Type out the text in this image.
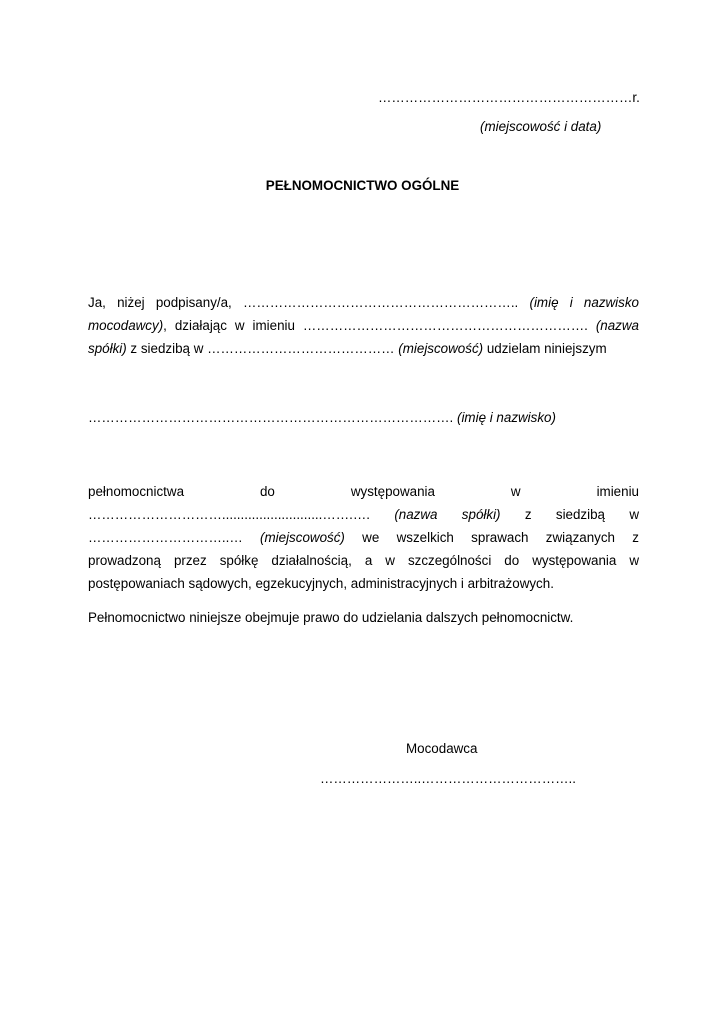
…………………………………………………r.
(miejscowość i data)
PEŁNOMOCNICTWO OGÓLNE
Ja, niżej podpisany/a, …………………………………………………….. (imię i nazwisko
mocodawcy), działając w imieniu ………………………………………………………. (nazwa
spółki) z siedzibą w …………………………………… (miejscowość) udzielam niniejszym
………………………………………………………………………. (imię i nazwisko)
pełnomocnictwa do występowania w imieniu
…………………………...........................…….…. (nazwa spółki) z siedzibą w
…………………………..… (miejscowość) we wszelkich sprawach związanych z
prowadzoną przez spółkę działalnością, a w szczególności do występowania w
postępowaniach sądowych, egzekucyjnych, administracyjnych i arbitrażowych.
Pełnomocnictwo niniejsze obejmuje prawo do udzielania dalszych pełnomocnictw.
Mocodawca
…………………..……………………………..
